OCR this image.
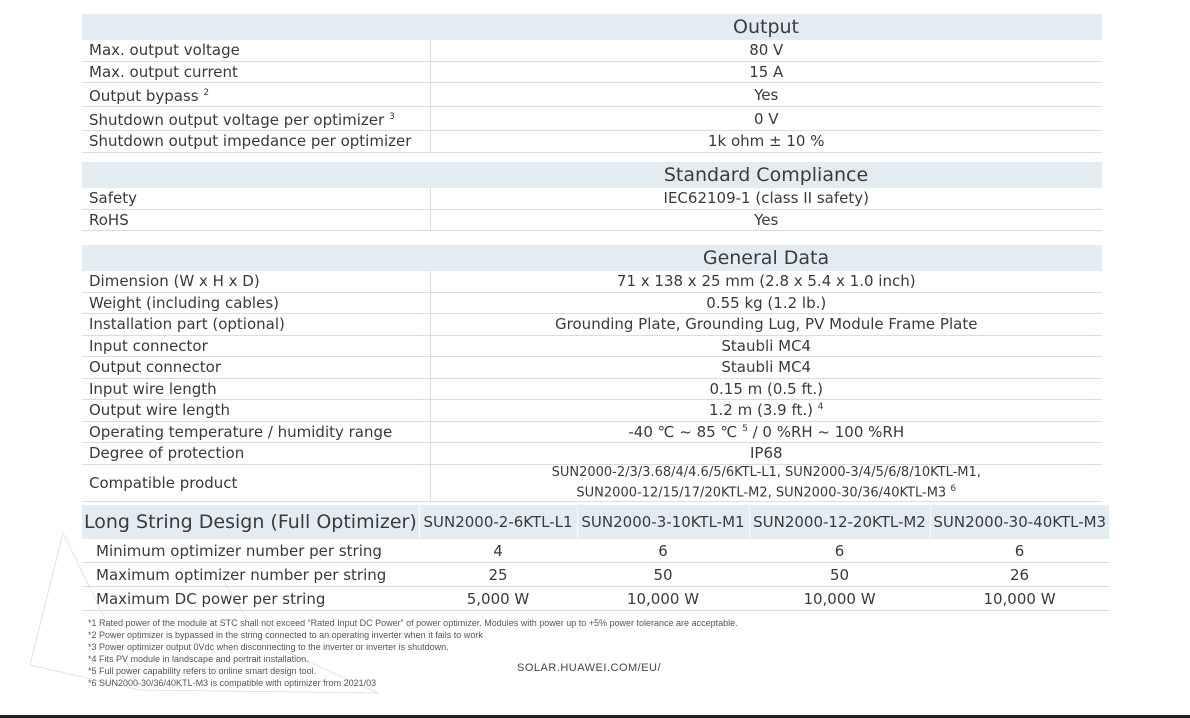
	Output
Max. output voltage	80 V
Max. output current	15 A
Output bypass $^2$	Yes
Shutdown output voltage per optimizer $^3$	0 V
Shutdown output impedance per optimizer	1k ohm ± 10 %
	Standard Compliance
Safety	IEC62109-1 (class II safety)
RoHS	Yes
	General Data
Dimension (W x H x D)	71 x 138 x 25 mm (2.8 x 5.4 x 1.0 inch)
Weight (including cables)	0.55 kg (1.2 lb.)
Installation part (optional)	Grounding Plate, Grounding Lug, PV Module Frame Plate
Input connector	Staubli MC4
Output connector	Staubli MC4
Input wire length	0.15 m (0.5 ft.)
Output wire length	1.2 m (3.9 ft.) $^4$
Operating temperature / humidity range	-40 ℃ ~ 85 ℃ $^5$ / 0 %RH ~ 100 %RH
Degree of protection	IP68
Compatible product	SUN2000-2/3/3.68/4/4.6/5/6KTL-L1, SUN2000-3/4/5/6/8/10KTL-M1,
SUN2000-12/15/17/20KTL-M2, SUN2000-30/36/40KTL-M3 $^6$
Long String Design (Full Optimizer)	SUN2000-2-6KTL-L1	SUN2000-3-10KTL-M1	SUN2000-12-20KTL-M2	SUN2000-30-40KTL-M3
Minimum optimizer number per string	4	6	6	6
Maximum optimizer number per string	25	50	50	26
Maximum DC power per string	5,000 W	10,000 W	10,000 W	10,000 W
*1 Rated power of the module at STC shall not exceed “Rated Input DC Power” of power optimizer. Modules with power up to +5% power tolerance are acceptable.
*2 Power optimizer is bypassed in the string connected to an operating inverter when it fails to work
*3 Power optimizer output 0Vdc when disconnecting to the inverter or inverter is shutdown.
*4 Fits PV module in landscape and portrait installation.
*5 Full power capability refers to online smart design tool.
*6 SUN2000-30/36/40KTL-M3 is compatible with optimizer from 2021/03
SOLAR.HUAWEI.COM/EU/
